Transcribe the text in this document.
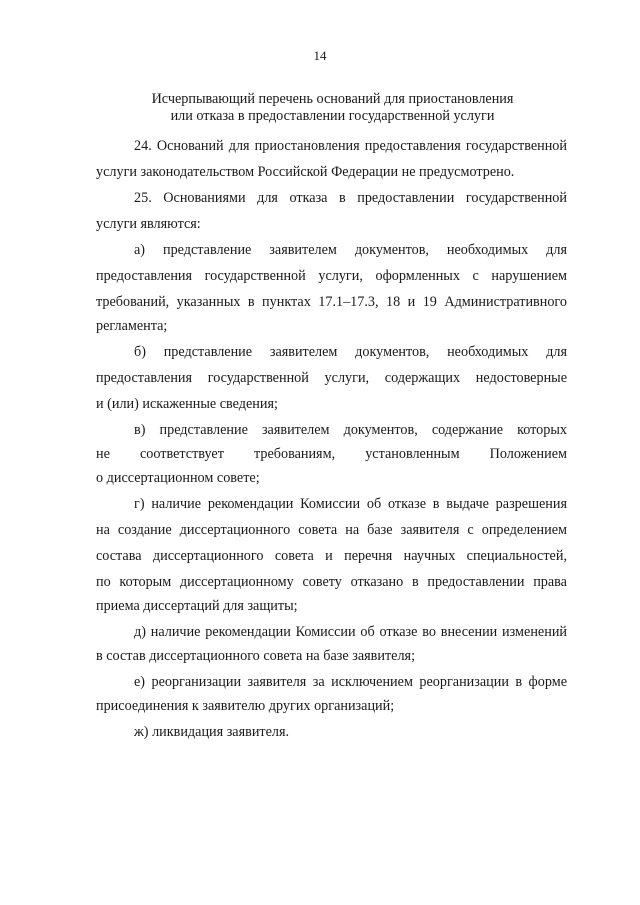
14
Исчерпывающий перечень оснований для приостановления
или отказа в предоставлении государственной услуги
24. Оснований для приостановления предоставления государственной
услуги законодательством Российской Федерации не предусмотрено.
25. Основаниями для отказа в предоставлении государственной
услуги являются:
а) представление заявителем документов, необходимых для
предоставления государственной услуги, оформленных с нарушением
требований, указанных в пунктах 17.1–17.3, 18 и 19 Административного
регламента;
б) представление заявителем документов, необходимых для
предоставления государственной услуги, содержащих недостоверные
и (или) искаженные сведения;
в) представление заявителем документов, содержание которых
не соответствует требованиям, установленным Положением
о диссертационном совете;
г) наличие рекомендации Комиссии об отказе в выдаче разрешения
на создание диссертационного совета на базе заявителя с определением
состава диссертационного совета и перечня научных специальностей,
по которым диссертационному совету отказано в предоставлении права
приема диссертаций для защиты;
д) наличие рекомендации Комиссии об отказе во внесении изменений
в состав диссертационного совета на базе заявителя;
е) реорганизации заявителя за исключением реорганизации в форме
присоединения к заявителю других организаций;
ж) ликвидация заявителя.
